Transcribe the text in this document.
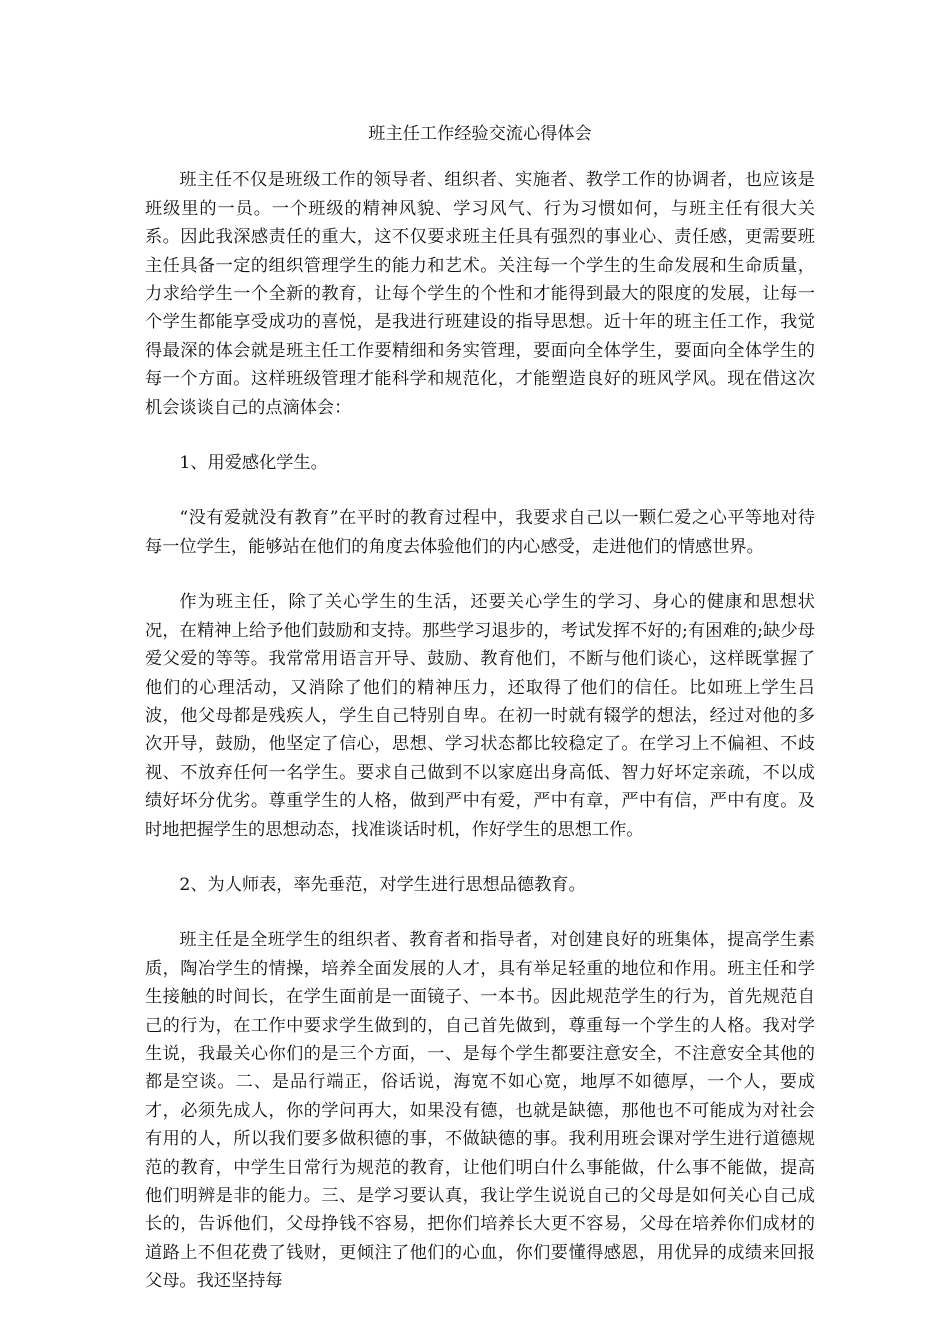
班主任工作经验交流心得体会

班主任不仅是班级工作的领导者、组织者、实施者、教学工作的协调者，也应该是班级里的一员。一个班级的精神风貌、学习风气、行为习惯如何，与班主任有很大关系。因此我深感责任的重大，这不仅要求班主任具有强烈的事业心、责任感，更需要班主任具备一定的组织管理学生的能力和艺术。关注每一个学生的生命发展和生命质量，力求给学生一个全新的教育，让每个学生的个性和才能得到最大的限度的发展，让每一个学生都能享受成功的喜悦，是我进行班建设的指导思想。近十年的班主任工作，我觉得最深的体会就是班主任工作要精细和务实管理，要面向全体学生，要面向全体学生的每一个方面。这样班级管理才能科学和规范化，才能塑造良好的班风学风。现在借这次机会谈谈自己的点滴体会：

1、用爱感化学生。

“没有爱就没有教育”在平时的教育过程中，我要求自己以一颗仁爱之心平等地对待每一位学生，能够站在他们的角度去体验他们的内心感受，走进他们的情感世界。

作为班主任，除了关心学生的生活，还要关心学生的学习、身心的健康和思想状况，在精神上给予他们鼓励和支持。那些学习退步的，考试发挥不好的;有困难的;缺少母爱父爱的等等。我常常用语言开导、鼓励、教育他们，不断与他们谈心，这样既掌握了他们的心理活动，又消除了他们的精神压力，还取得了他们的信任。比如班上学生吕波，他父母都是残疾人，学生自己特别自卑。在初一时就有辍学的想法，经过对他的多次开导，鼓励，他坚定了信心，思想、学习状态都比较稳定了。在学习上不偏袒、不歧视、不放弃任何一名学生。要求自己做到不以家庭出身高低、智力好坏定亲疏，不以成绩好坏分优劣。尊重学生的人格，做到严中有爱，严中有章，严中有信，严中有度。及时地把握学生的思想动态，找准谈话时机，作好学生的思想工作。

2、为人师表，率先垂范，对学生进行思想品德教育。

班主任是全班学生的组织者、教育者和指导者，对创建良好的班集体，提高学生素质，陶冶学生的情操，培养全面发展的人才，具有举足轻重的地位和作用。班主任和学生接触的时间长，在学生面前是一面镜子、一本书。因此规范学生的行为，首先规范自己的行为，在工作中要求学生做到的，自己首先做到，尊重每一个学生的人格。我对学生说，我最关心你们的是三个方面，一、是每个学生都要注意安全，不注意安全其他的都是空谈。二、是品行端正，俗话说，海宽不如心宽，地厚不如德厚，一个人，要成才，必须先成人，你的学问再大，如果没有德，也就是缺德，那他也不可能成为对社会有用的人，所以我们要多做积德的事，不做缺德的事。我利用班会课对学生进行道德规范的教育，中学生日常行为规范的教育，让他们明白什么事能做，什么事不能做，提高他们明辨是非的能力。三、是学习要认真，我让学生说说自己的父母是如何关心自己成长的，告诉他们，父母挣钱不容易，把你们培养长大更不容易，父母在培养你们成材的道路上不但花费了钱财，更倾注了他们的心血，你们要懂得感恩，用优异的成绩来回报父母。我还坚持每
